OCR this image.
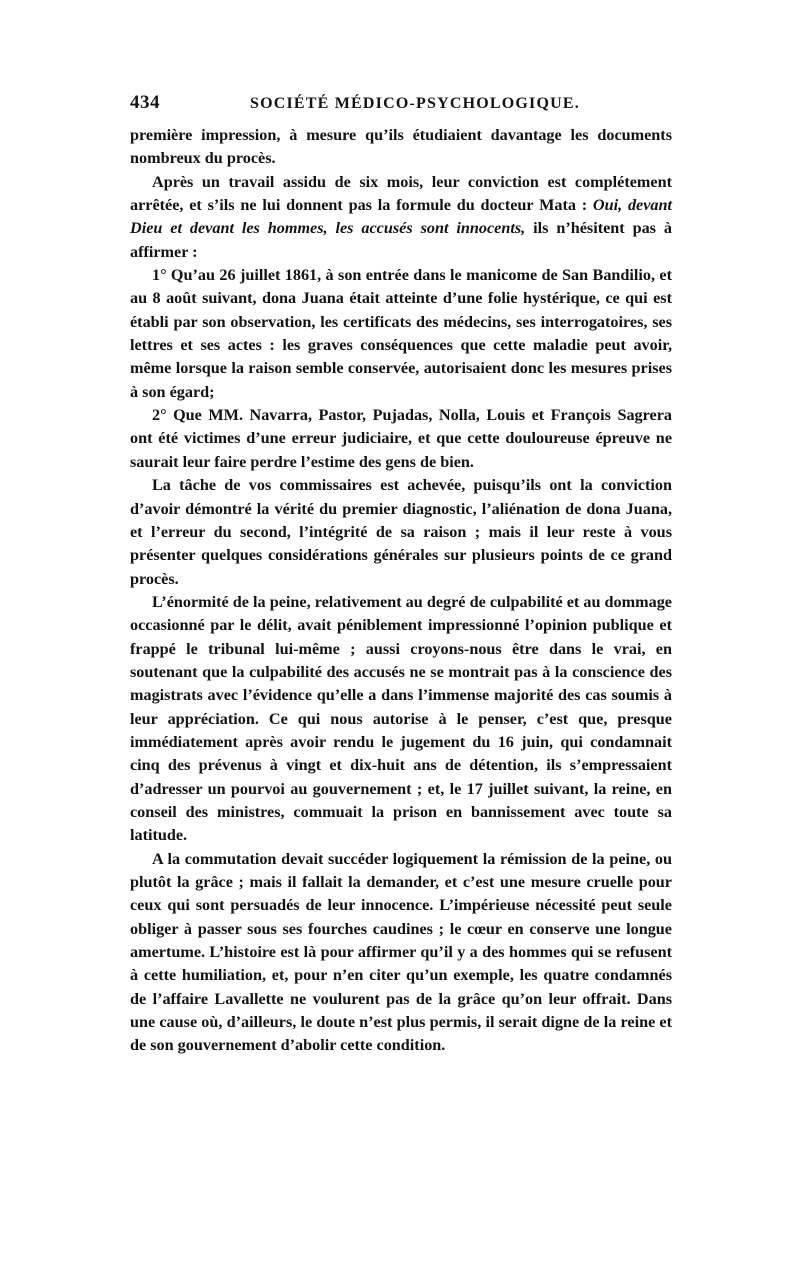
434	SOCIÉTÉ MÉDICO-PSYCHOLOGIQUE.

première impression, à mesure qu’ils étudiaient davantage les documents nombreux du procès.

Après un travail assidu de six mois, leur conviction est complétement arrêtée, et s’ils ne lui donnent pas la formule du docteur Mata : Oui, devant Dieu et devant les hommes, les accusés sont innocents, ils n’hésitent pas à affirmer :

1° Qu’au 26 juillet 1861, à son entrée dans le manicome de San Bandilio, et au 8 août suivant, dona Juana était atteinte d’une folie hystérique, ce qui est établi par son observation, les certificats des médecins, ses interrogatoires, ses lettres et ses actes : les graves conséquences que cette maladie peut avoir, même lorsque la raison semble conservée, autorisaient donc les mesures prises à son égard;

2° Que MM. Navarra, Pastor, Pujadas, Nolla, Louis et François Sagrera ont été victimes d’une erreur judiciaire, et que cette douloureuse épreuve ne saurait leur faire perdre l’estime des gens de bien.

La tâche de vos commissaires est achevée, puisqu’ils ont la conviction d’avoir démontré la vérité du premier diagnostic, l’aliénation de dona Juana, et l’erreur du second, l’intégrité de sa raison ; mais il leur reste à vous présenter quelques considérations générales sur plusieurs points de ce grand procès.

L’énormité de la peine, relativement au degré de culpabilité et au dommage occasionné par le délit, avait péniblement impressionné l’opinion publique et frappé le tribunal lui-même ; aussi croyons-nous être dans le vrai, en soutenant que la culpabilité des accusés ne se montrait pas à la conscience des magistrats avec l’évidence qu’elle a dans l’immense majorité des cas soumis à leur appréciation. Ce qui nous autorise à le penser, c’est que, presque immédiatement après avoir rendu le jugement du 16 juin, qui condamnait cinq des prévenus à vingt et dix-huit ans de détention, ils s’empressaient d’adresser un pourvoi au gouvernement ; et, le 17 juillet suivant, la reine, en conseil des ministres, commuait la prison en bannissement avec toute sa latitude.

A la commutation devait succéder logiquement la rémission de la peine, ou plutôt la grâce ; mais il fallait la demander, et c’est une mesure cruelle pour ceux qui sont persuadés de leur innocence. L’impérieuse nécessité peut seule obliger à passer sous ses fourches caudines ; le cœur en conserve une longue amertume. L’histoire est là pour affirmer qu’il y a des hommes qui se refusent à cette humiliation, et, pour n’en citer qu’un exemple, les quatre condamnés de l’affaire Lavallette ne voulurent pas de la grâce qu’on leur offrait. Dans une cause où, d’ailleurs, le doute n’est plus permis, il serait digne de la reine et de son gouvernement d’abolir cette condition.
